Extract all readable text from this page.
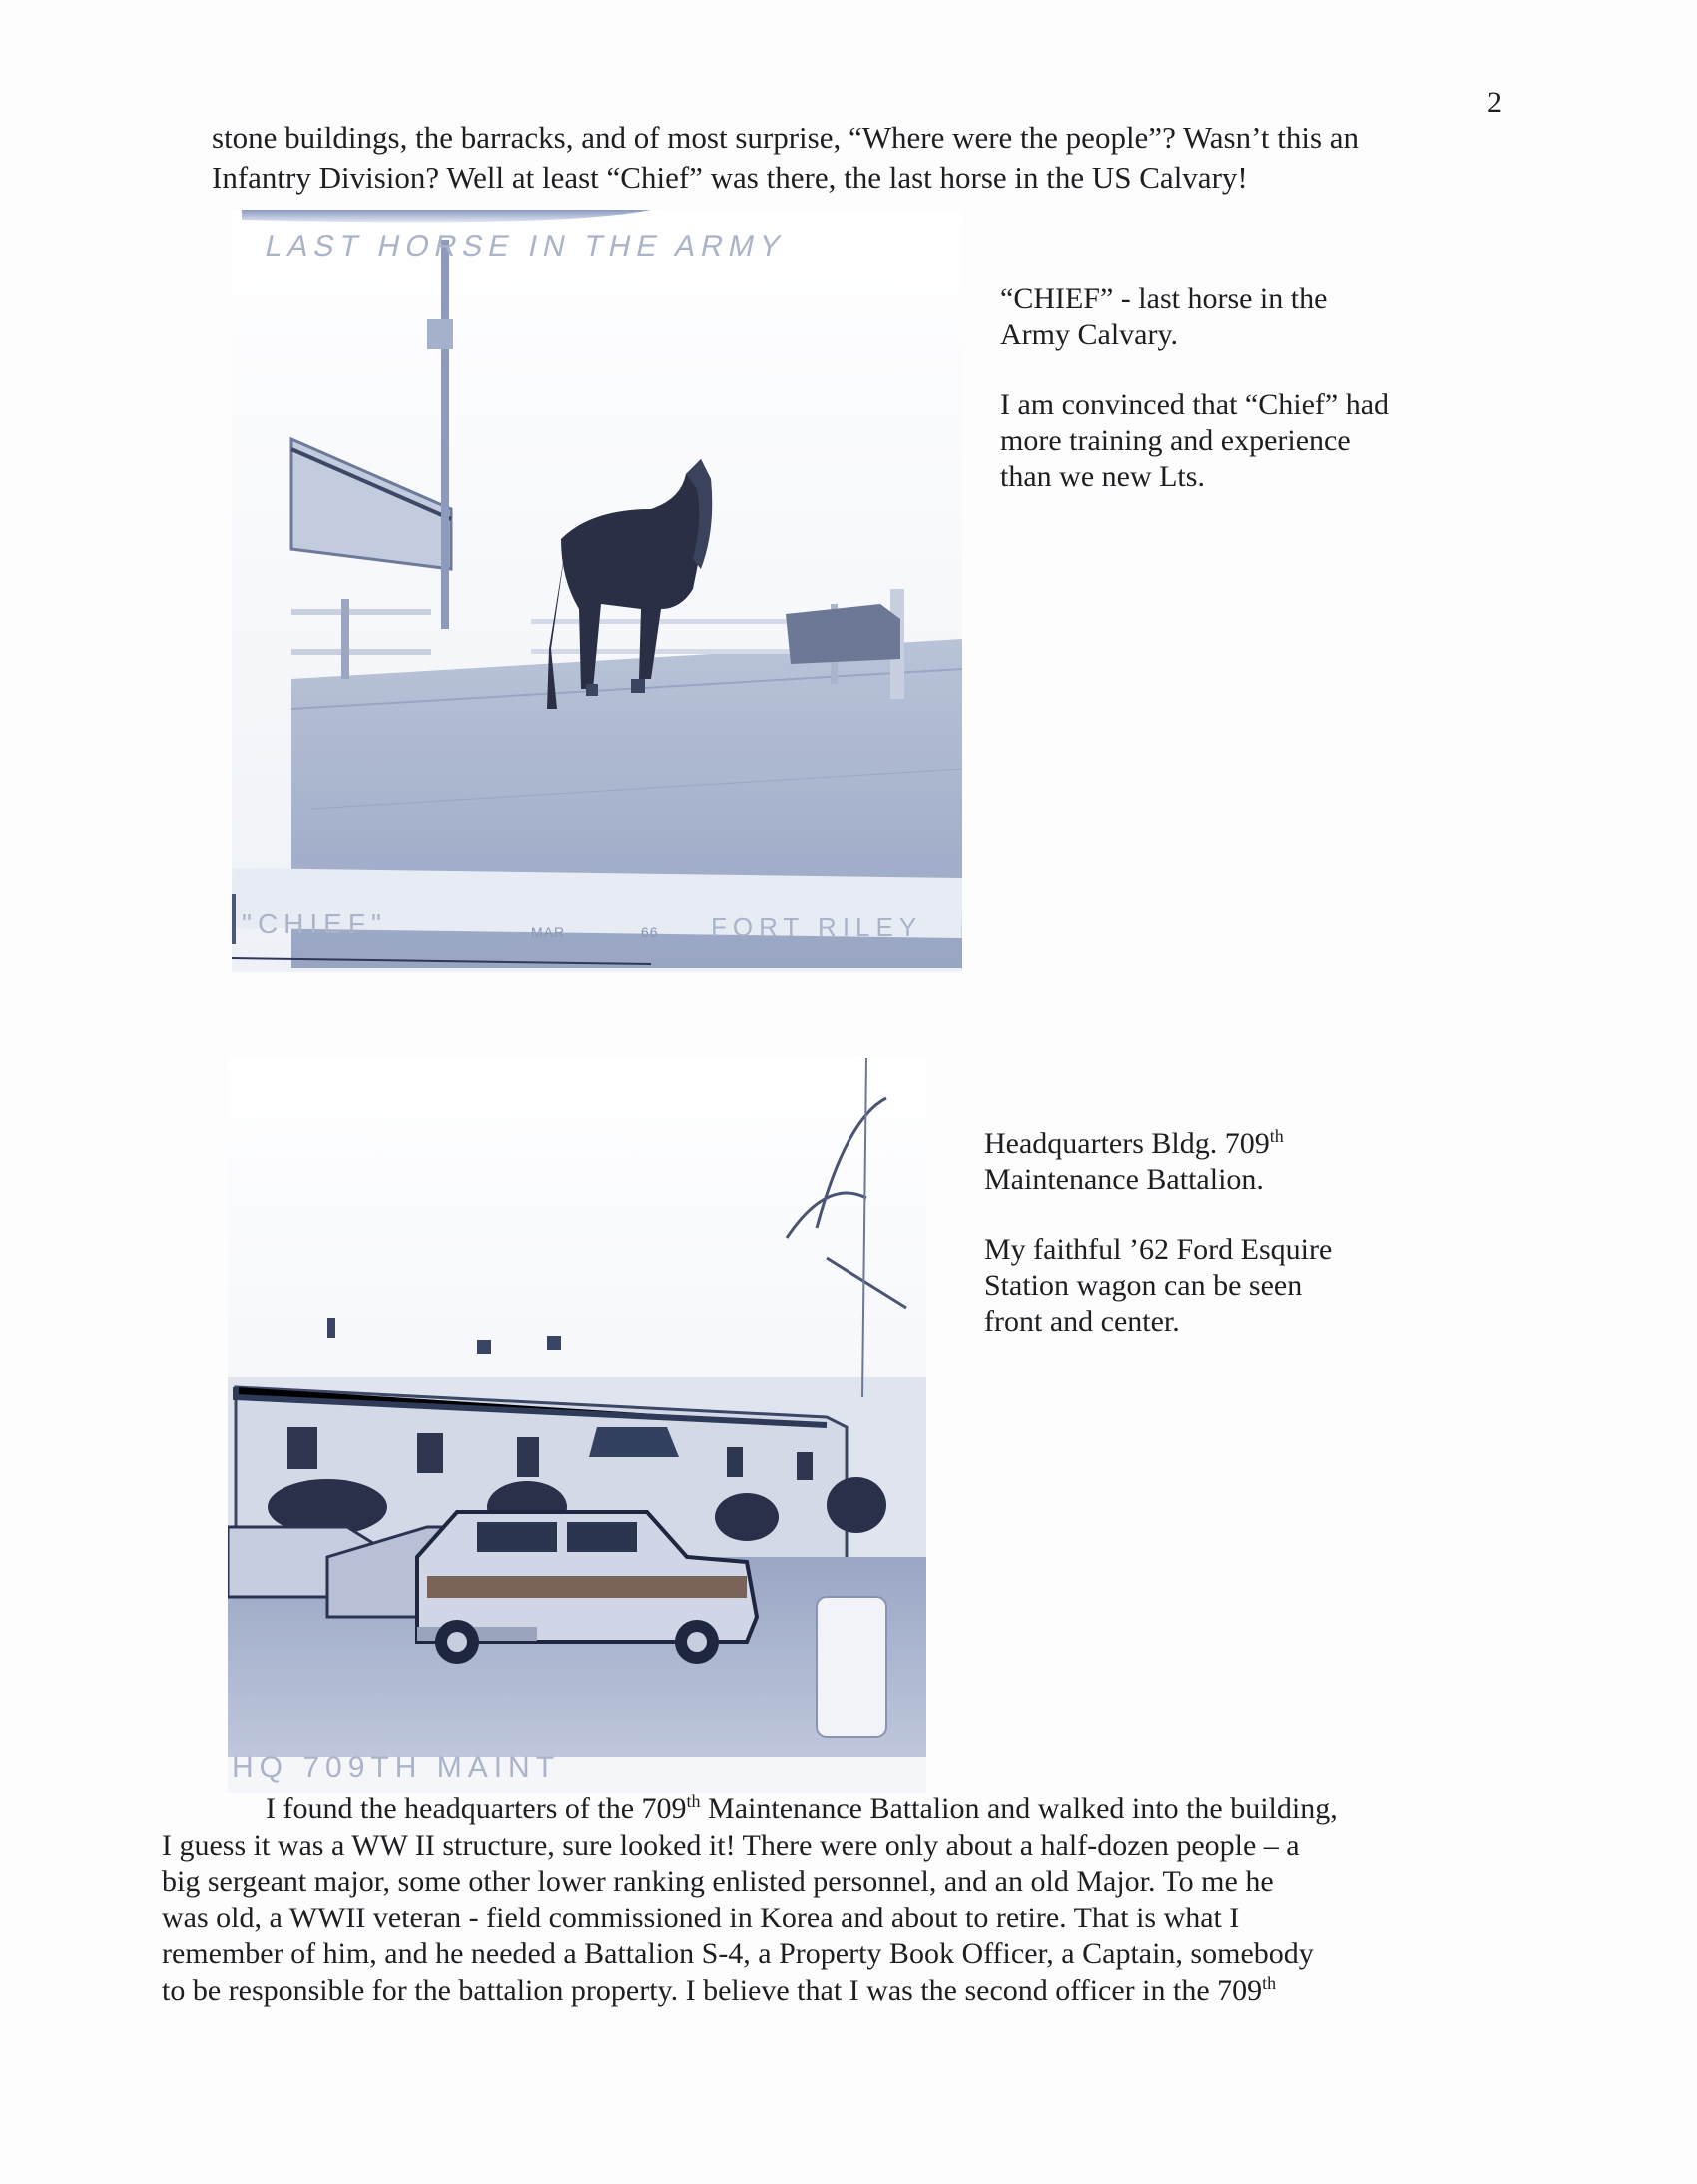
2
stone buildings, the barracks, and of most surprise, “Where were the people”? Wasn’t this an
Infantry Division? Well at least “Chief” was there, the last horse in the US Calvary!
LAST HORSE IN THE ARMY
"CHIEF"	MAR	66 FORT RILEY

“CHIEF” - last horse in the
Army Calvary.

I am convinced that “Chief” had
more training and experience
than we new Lts.

HQ 709TH MAINT

Headquarters Bldg. 709th
Maintenance Battalion.

My faithful ’62 Ford Esquire
Station wagon can be seen
front and center.

I found the headquarters of the 709th Maintenance Battalion and walked into the building,
I guess it was a WW II structure, sure looked it! There were only about a half-dozen people – a
big sergeant major, some other lower ranking enlisted personnel, and an old Major. To me he
was old, a WWII veteran - field commissioned in Korea and about to retire. That is what I
remember of him, and he needed a Battalion S-4, a Property Book Officer, a Captain, somebody
to be responsible for the battalion property. I believe that I was the second officer in the 709th
